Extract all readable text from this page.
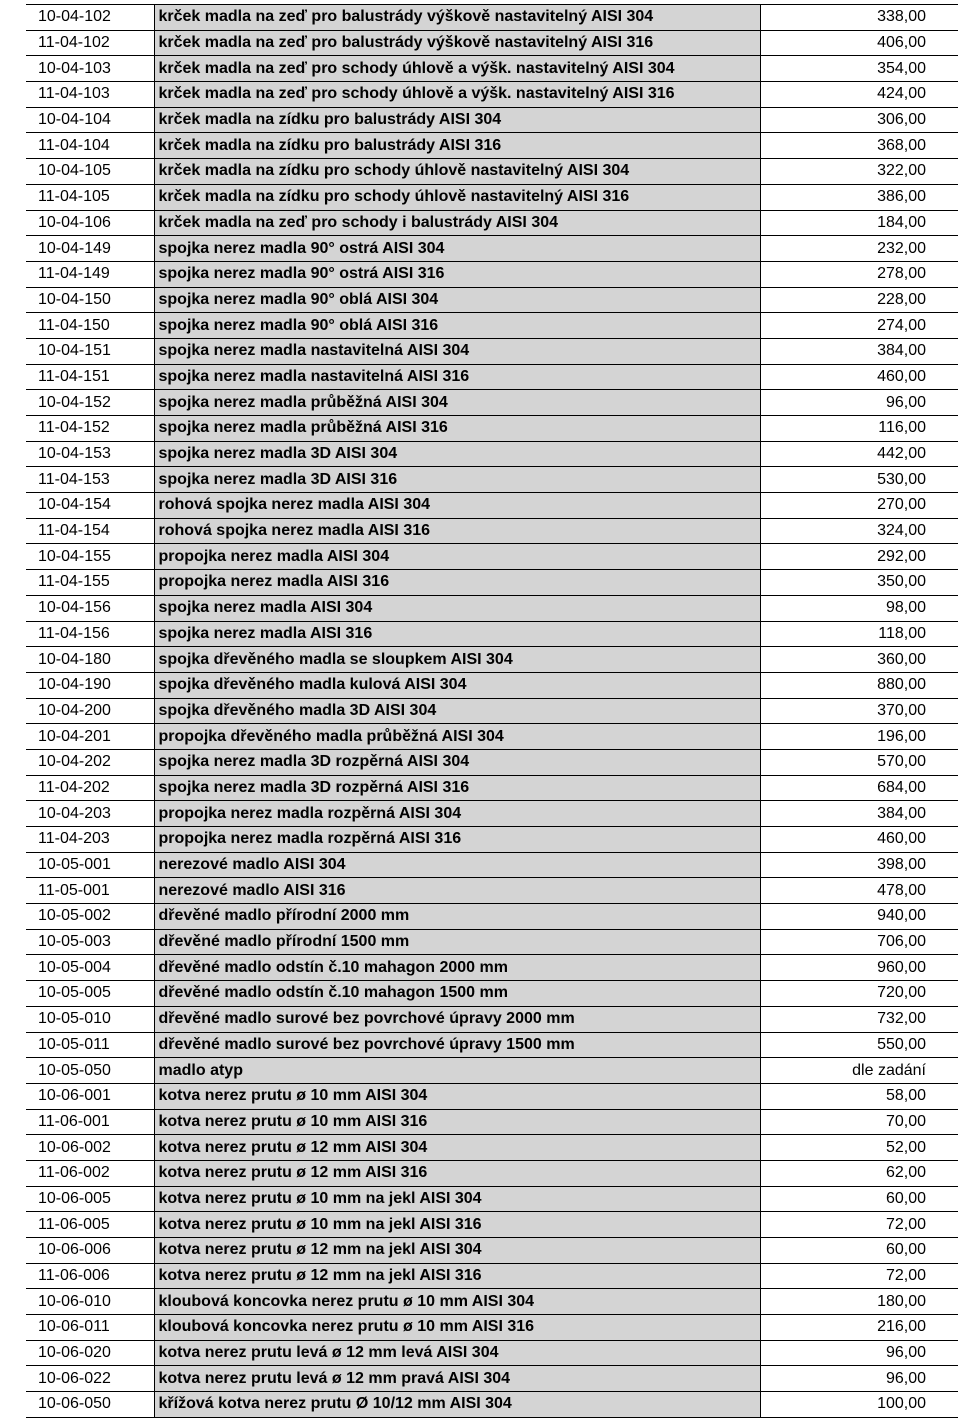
10-04-102	krček madla na zeď pro balustrády výškově nastavitelný AISI 304	338,00
11-04-102	krček madla na zeď pro balustrády výškově nastavitelný AISI 316	406,00
10-04-103	krček madla na zeď pro schody úhlově a výšk. nastavitelný AISI 304	354,00
11-04-103	krček madla na zeď pro schody úhlově a výšk. nastavitelný AISI 316	424,00
10-04-104	krček madla na zídku pro balustrády AISI 304	306,00
11-04-104	krček madla na zídku pro balustrády AISI 316	368,00
10-04-105	krček madla na zídku pro schody úhlově nastavitelný AISI 304	322,00
11-04-105	krček madla na zídku pro schody úhlově nastavitelný AISI 316	386,00
10-04-106	krček madla na zeď pro schody i balustrády AISI 304	184,00
10-04-149	spojka nerez madla 90° ostrá AISI 304	232,00
11-04-149	spojka nerez madla 90° ostrá AISI 316	278,00
10-04-150	spojka nerez madla 90° oblá AISI 304	228,00
11-04-150	spojka nerez madla 90° oblá AISI 316	274,00
10-04-151	spojka nerez madla nastavitelná AISI 304	384,00
11-04-151	spojka nerez madla nastavitelná AISI 316	460,00
10-04-152	spojka nerez madla průběžná AISI 304	96,00
11-04-152	spojka nerez madla průběžná AISI 316	116,00
10-04-153	spojka nerez madla 3D AISI 304	442,00
11-04-153	spojka nerez madla 3D AISI 316	530,00
10-04-154	rohová spojka nerez madla AISI 304	270,00
11-04-154	rohová spojka nerez madla AISI 316	324,00
10-04-155	propojka nerez madla AISI 304	292,00
11-04-155	propojka nerez madla AISI 316	350,00
10-04-156	spojka nerez madla AISI 304	98,00
11-04-156	spojka nerez madla AISI 316	118,00
10-04-180	spojka dřevěného madla se sloupkem AISI 304	360,00
10-04-190	spojka dřevěného madla kulová AISI 304	880,00
10-04-200	spojka dřevěného madla 3D AISI 304	370,00
10-04-201	propojka dřevěného madla průběžná AISI 304	196,00
10-04-202	spojka nerez madla 3D rozpěrná AISI 304	570,00
11-04-202	spojka nerez madla 3D rozpěrná AISI 316	684,00
10-04-203	propojka nerez madla rozpěrná AISI 304	384,00
11-04-203	propojka nerez madla rozpěrná AISI 316	460,00
10-05-001	nerezové madlo AISI 304	398,00
11-05-001	nerezové madlo AISI 316	478,00
10-05-002	dřevěné madlo přírodní 2000 mm	940,00
10-05-003	dřevěné madlo přírodní 1500 mm	706,00
10-05-004	dřevěné madlo odstín č.10 mahagon 2000 mm	960,00
10-05-005	dřevěné madlo odstín č.10 mahagon 1500 mm	720,00
10-05-010	dřevěné madlo surové bez povrchové úpravy 2000 mm	732,00
10-05-011	dřevěné madlo surové bez povrchové úpravy 1500 mm	550,00
10-05-050	madlo atyp	dle zadání
10-06-001	kotva nerez prutu ø 10 mm AISI 304	58,00
11-06-001	kotva nerez prutu ø 10 mm AISI 316	70,00
10-06-002	kotva nerez prutu ø 12 mm AISI 304	52,00
11-06-002	kotva nerez prutu ø 12 mm AISI 316	62,00
10-06-005	kotva nerez prutu ø 10 mm na jekl AISI 304	60,00
11-06-005	kotva nerez prutu ø 10 mm na jekl AISI 316	72,00
10-06-006	kotva nerez prutu ø 12 mm na jekl AISI 304	60,00
11-06-006	kotva nerez prutu ø 12 mm na jekl AISI 316	72,00
10-06-010	kloubová koncovka nerez prutu ø 10 mm AISI 304	180,00
10-06-011	kloubová koncovka nerez prutu ø 10 mm AISI 316	216,00
10-06-020	kotva nerez prutu levá ø 12 mm levá AISI 304	96,00
10-06-022	kotva nerez prutu levá ø 12 mm pravá AISI 304	96,00
10-06-050	křížová kotva nerez prutu Ø 10/12 mm AISI 304	100,00
